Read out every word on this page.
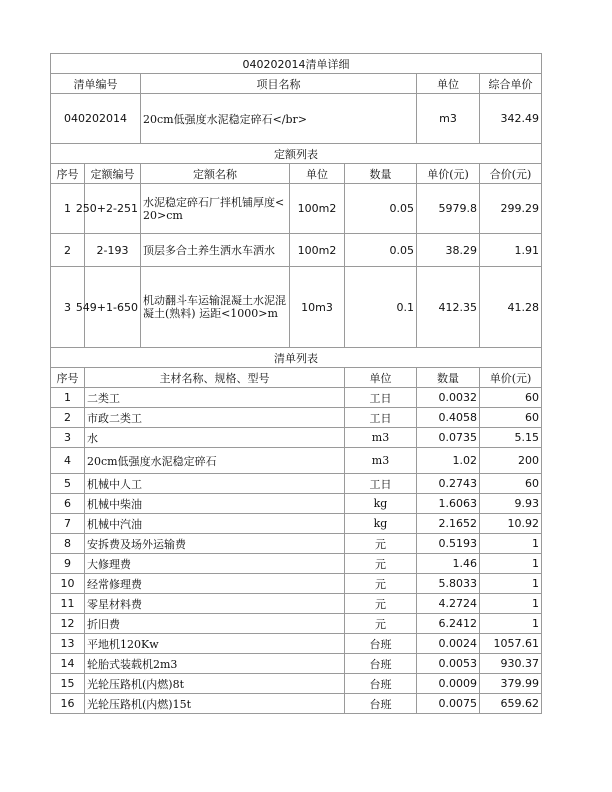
040202014清单详细							
清单编号		项目名称			单位	综合单价	
040202014		20cm低强度水泥稳定碎石</br>			m3	342.49	
定额列表							
序号	定额编号	定额名称	单位	数量	单价(元)	合价(元)	
1	250+2-251	水泥稳定碎石厂拌机铺厚度<20>cm	100m2	0.05	5979.8	299.29	
2	2-193	顶层多合土养生洒水车洒水	100m2	0.05	38.29	1.91	
3	549+1-650	机动翻斗车运输混凝土水泥混凝土(熟料) 运距<1000>m	10m3	0.1	412.35	41.28	
清单列表							
序号	主材名称、规格、型号			单位	数量	单价(元)	
1	二类工			工日	0.0032	60	
2	市政二类工			工日	0.4058	60	
3	水			m3	0.0735	5.15	
4	20cm低强度水泥稳定碎石			m3	1.02	200	
5	机械中人工			工日	0.2743	60	
6	机械中柴油			kg	1.6063	9.93	
7	机械中汽油			kg	2.1652	10.92	
8	安拆费及场外运输费			元	0.5193	1	
9	大修理费			元	1.46	1	
10	经常修理费			元	5.8033	1	
11	零星材料费			元	4.2724	1	
12	折旧费			元	6.2412	1	
13	平地机120Kw			台班	0.0024	1057.61	
14	轮胎式装载机2m3			台班	0.0053	930.37	
15	光轮压路机(内燃)8t			台班	0.0009	379.99	
16	光轮压路机(内燃)15t			台班	0.0075	659.62	
